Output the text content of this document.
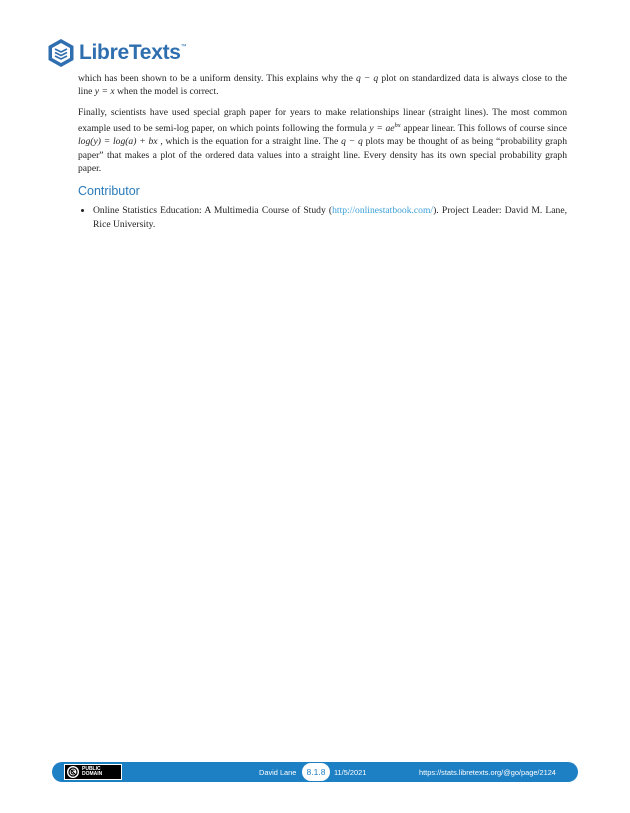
LibreTexts ™

which has been shown to be a uniform density. This explains why the q − q plot on standardized data is always close to the line y = x when the model is correct.

Finally, scientists have used special graph paper for years to make relationships linear (straight lines). The most common example used to be semi-log paper, on which points following the formula $y = ae^{bx}$ appear linear. This follows of course since log(y) = log(a) + bx , which is the equation for a straight line. The q − q plots may be thought of as being “probability graph paper” that makes a plot of the ordered data values into a straight line. Every density has its own special probability graph paper.

Contributor
• Online Statistics Education: A Multimedia Course of Study (http://onlinestatbook.com/). Project Leader: David M. Lane, Rice University.
PUBLIC
DOMAIN	David Lane	8.1.8	11/5/2021	https://stats.libretexts.org/@go/page/2124
